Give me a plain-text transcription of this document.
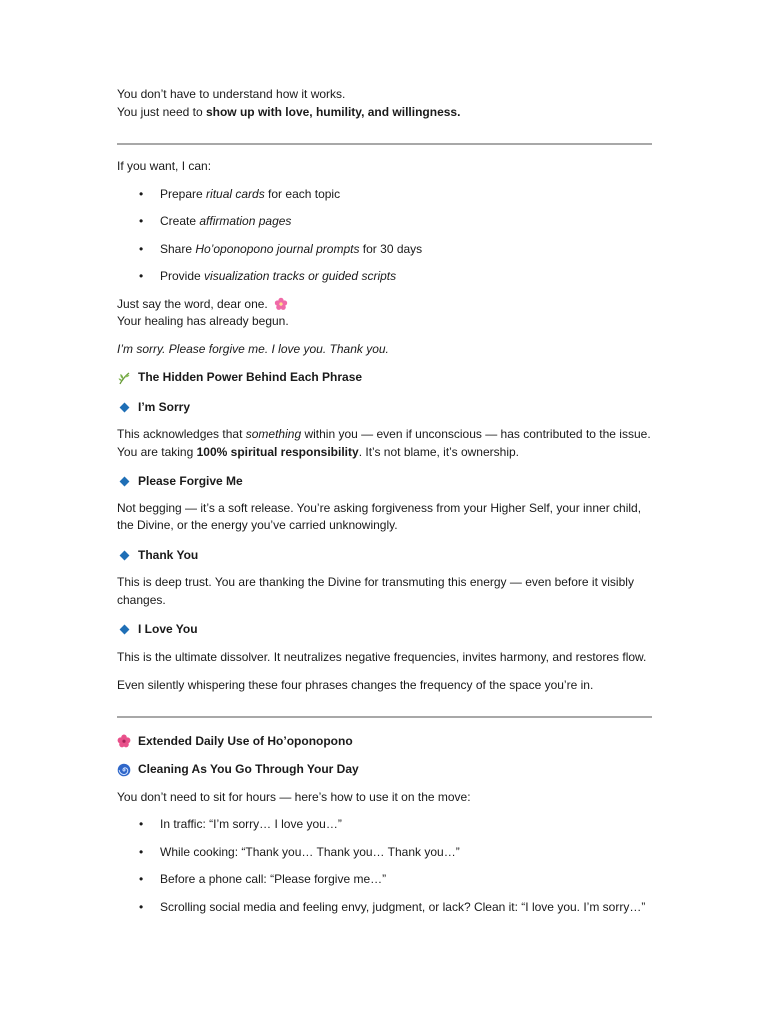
You don’t have to understand how it works.

You just need to show up with love, humility, and willingness.

If you want, I can:

• Prepare ritual cards for each topic
• Create affirmation pages
• Share Ho’oponopono journal prompts for 30 days
• Provide visualization tracks or guided scripts

Just say the word, dear one.

Your healing has already begun.

I’m sorry. Please forgive me. I love you. Thank you.

The Hidden Power Behind Each Phrase
I’m Sorry

This acknowledges that something within you — even if unconscious — has contributed to the issue.

You are taking 100% spiritual responsibility. It’s not blame, it’s ownership.

Please Forgive Me

Not begging — it’s a soft release. You’re asking forgiveness from your Higher Self, your inner child,

the Divine, or the energy you’ve carried unknowingly.

Thank You

This is deep trust. You are thanking the Divine for transmuting this energy — even before it visibly

changes.

I Love You

This is the ultimate dissolver. It neutralizes negative frequencies, invites harmony, and restores flow.

Even silently whispering these four phrases changes the frequency of the space you’re in.

Extended Daily Use of Ho’oponopono
Cleaning As You Go Through Your Day

You don’t need to sit for hours — here’s how to use it on the move:

• In traffic: “I’m sorry… I love you…”
• While cooking: “Thank you… Thank you… Thank you…”
• Before a phone call: “Please forgive me…”
• Scrolling social media and feeling envy, judgment, or lack? Clean it: “I love you. I’m sorry…”
